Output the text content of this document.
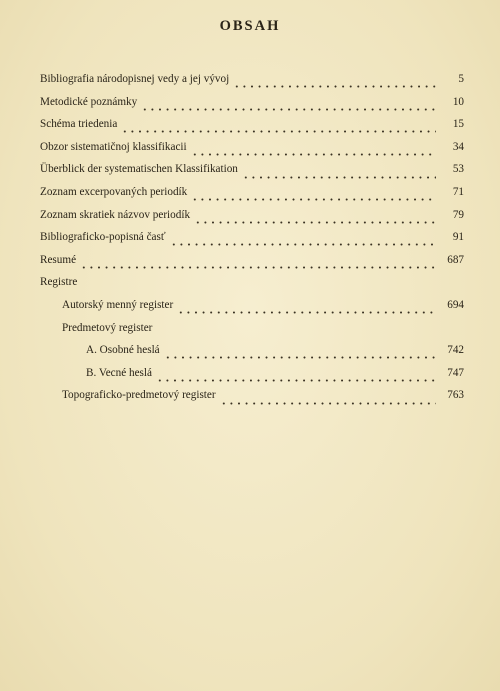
OBSAH
Bibliografia národopisnej vedy a jej vývoj	5
Metodické poznámky	10
Schéma triedenia	15
Obzor sistematičnoj klassifikacii	34
Überblick der systematischen Klassifikation	53
Zoznam excerpovaných periodík	71
Zoznam skratiek názvov periodík	79
Bibliograficko-popisná časť	91
Resumé	687
Registre
Autorský menný register	694
Predmetový register
A. Osobné heslá	742
B. Vecné heslá	747
Topograficko-predmetový register	763
